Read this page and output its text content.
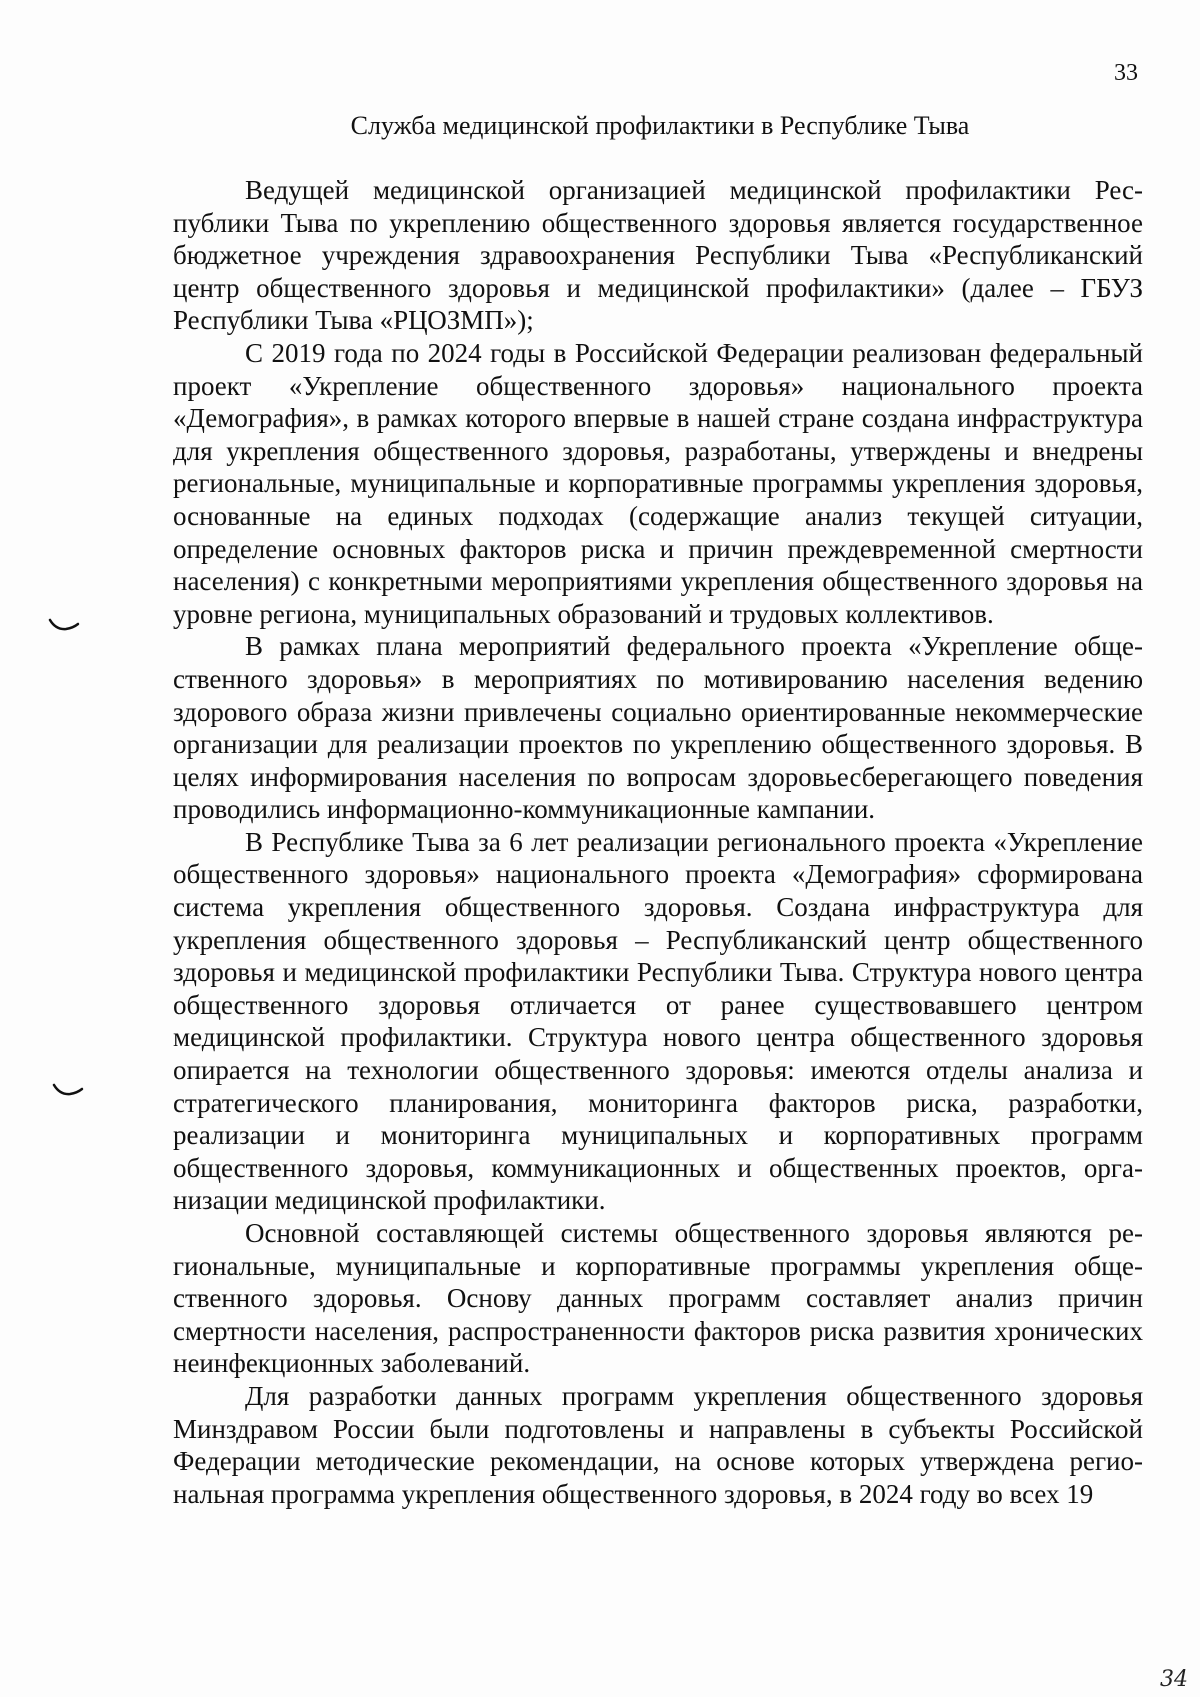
33
Служба медицинской профилактики в Республике Тыва

Ведущей медицинской организацией медицинской профилактики Республики Тыва по укреплению общественного здоровья является государственное бюджетное учреждения здравоохранения Республики Тыва «Республиканский центр общественного здоровья и медицинской профилактики» (далее – ГБУЗ Республики Тыва «РЦОЗМП»);

С 2019 года по 2024 годы в Российской Федерации реализован федеральный проект «Укрепление общественного здоровья» национального проекта «Демография», в рамках которого впервые в нашей стране создана инфраструктура для укрепления общественного здоровья, разработаны, утверждены и внедрены региональные, муниципальные и корпоративные программы укрепления здоровья, основанные на единых подходах (содержащие анализ текущей ситуации, определение основных факторов риска и причин преждевременной смертности населения) с конкретными мероприятиями укрепления общественного здоровья на уровне региона, муниципальных образований и трудовых коллективов.

В рамках плана мероприятий федерального проекта «Укрепление общественного здоровья» в мероприятиях по мотивированию населения ведению здорового образа жизни привлечены социально ориентированные некоммерческие организации для реализации проектов по укреплению общественного здоровья. В целях информирования населения по вопросам здоровьесберегающего поведения проводились информационно-коммуникационные кампании.

В Республике Тыва за 6 лет реализации регионального проекта «Укрепление общественного здоровья» национального проекта «Демография» сформирована система укрепления общественного здоровья. Создана инфраструктура для укрепления общественного здоровья – Республиканский центр общественного здоровья и медицинской профилактики Республики Тыва. Структура нового центра общественного здоровья отличается от ранее существовавшего центром медицинской профилактики. Структура нового центра общественного здоровья опирается на технологии общественного здоровья: имеются отделы анализа и стратегического планирования, мониторинга факторов риска, разработки, реализации и мониторинга муниципальных и корпоративных программ общественного здоровья, коммуникационных и общественных проектов, организации медицинской профилактики.

Основной составляющей системы общественного здоровья являются региональные, муниципальные и корпоративные программы укрепления общественного здоровья. Основу данных программ составляет анализ причин смертности населения, распространенности факторов риска развития хронических неинфекционных заболеваний.

Для разработки данных программ укрепления общественного здоровья Минздравом России были подготовлены и направлены в субъекты Российской Федерации методические рекомендации, на основе которых утверждена региональная программа укрепления общественного здоровья, в 2024 году во всех 19

34
